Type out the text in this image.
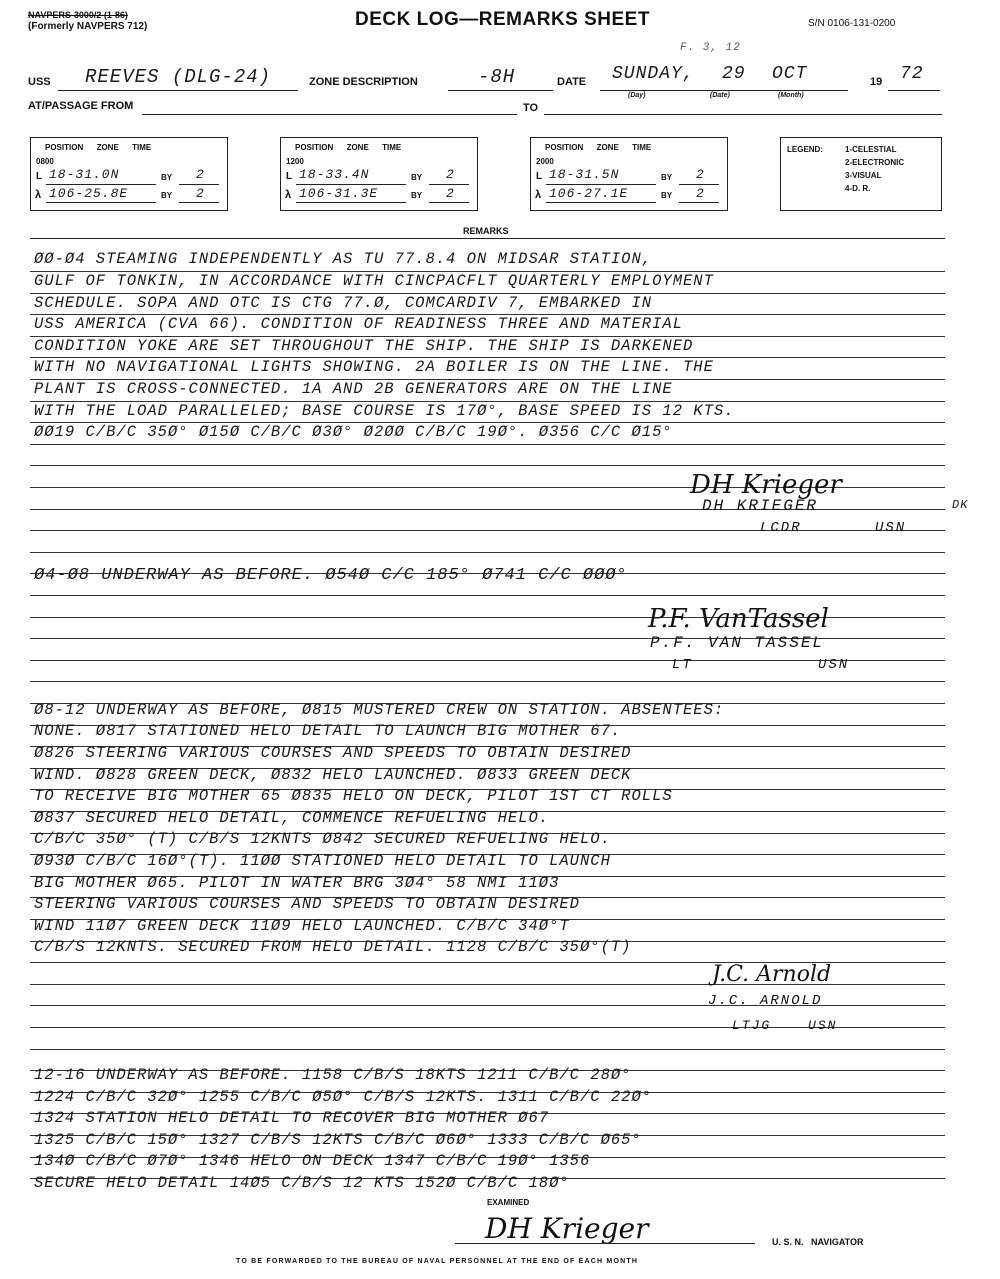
NAVPERS-3000/2 (1-86)
(Formerly NAVPERS 712)	DECK LOG—REMARKS SHEET	S/N 0106-131-0200
F. 3, 12
USS REEVES (DLG-24)	ZONE DESCRIPTION	-8H	DATE SUNDAY, 29 OCT	19 72
(Day)	(Date)	(Month)
AT/PASSAGE FROM	TO
POSITION      ZONE      TIME
0800
L 18-31.0N	BY 2
λ 106-25.8E	BY 2
POSITION      ZONE      TIME
1200
L 18-33.4N	BY 2
λ 106-31.3E	BY 2
POSITION      ZONE      TIME
2000
L 18-31.5N	BY 2
λ 106-27.1E	BY 2
LEGEND:	1-CELESTIAL
2-ELECTRONIC
3-VISUAL
4-D. R.
REMARKS
ØØ-Ø4 STEAMING INDEPENDENTLY AS TU 77.8.4 ON MIDSAR STATION,
GULF OF TONKIN, IN ACCORDANCE WITH CINCPACFLT QUARTERLY EMPLOYMENT
SCHEDULE. SOPA AND OTC IS CTG 77.Ø, COMCARDIV 7, EMBARKED IN
USS AMERICA (CVA 66). CONDITION OF READINESS THREE AND MATERIAL
CONDITION YOKE ARE SET THROUGHOUT THE SHIP. THE SHIP IS DARKENED
WITH NO NAVIGATIONAL LIGHTS SHOWING. 2A BOILER IS ON THE LINE. THE
PLANT IS CROSS-CONNECTED. 1A AND 2B GENERATORS ARE ON THE LINE
WITH THE LOAD PARALLELED; BASE COURSE IS 17Ø°, BASE SPEED IS 12 KTS.
ØØ19 C/B/C 35Ø° Ø15Ø C/B/C Ø3Ø° Ø2ØØ C/B/C 19Ø°. Ø356 C/C Ø15°
DH Krieger
DH KRIEGER	DK
LCDR	USN
Ø4-Ø8 UNDERWAY AS BEFORE. Ø54Ø C/C 185° Ø741 C/C ØØØ°
P.F. VanTassel
P.F. VAN TASSEL
LT	USN
Ø8-12 UNDERWAY AS BEFORE, Ø815 MUSTERED CREW ON STATION. ABSENTEES:
NONE. Ø817 STATIONED HELO DETAIL TO LAUNCH BIG MOTHER 67.
Ø826 STEERING VARIOUS COURSES AND SPEEDS TO OBTAIN DESIRED
WIND. Ø828 GREEN DECK, Ø832 HELO LAUNCHED. Ø833 GREEN DECK
TO RECEIVE BIG MOTHER 65 Ø835 HELO ON DECK, PILOT 1ST CT ROLLS
Ø837 SECURED HELO DETAIL, COMMENCE REFUELING HELO.
C/B/C 35Ø° (T) C/B/S 12KNTS Ø842 SECURED REFUELING HELO.
Ø93Ø C/B/C 16Ø°(T). 11ØØ STATIONED HELO DETAIL TO LAUNCH
BIG MOTHER Ø65. PILOT IN WATER BRG 3Ø4° 58 NMI 11Ø3
STEERING VARIOUS COURSES AND SPEEDS TO OBTAIN DESIRED
WIND 11Ø7 GREEN DECK 11Ø9 HELO LAUNCHED. C/B/C 34Ø°T
C/B/S 12KNTS. SECURED FROM HELO DETAIL. 1128 C/B/C 35Ø°(T)
J.C. Arnold
J.C. ARNOLD
LTJG	USN
12-16 UNDERWAY AS BEFORE. 1158 C/B/S 18KTS 1211 C/B/C 28Ø°
1224 C/B/C 32Ø° 1255 C/B/C Ø5Ø° C/B/S 12KTS. 1311 C/B/C 22Ø°
1324 STATION HELO DETAIL TO RECOVER BIG MOTHER Ø67
1325 C/B/C 15Ø° 1327 C/B/S 12KTS C/B/C Ø6Ø° 1333 C/B/C Ø65°
134Ø C/B/C Ø7Ø° 1346 HELO ON DECK 1347 C/B/C 19Ø° 1356
SECURE HELO DETAIL 14Ø5 C/B/S 12 KTS 152Ø C/B/C 18Ø°
EXAMINED
DH Krieger	U. S. N.   NAVIGATOR
TO BE FORWARDED TO THE BUREAU OF NAVAL PERSONNEL AT THE END OF EACH MONTH
